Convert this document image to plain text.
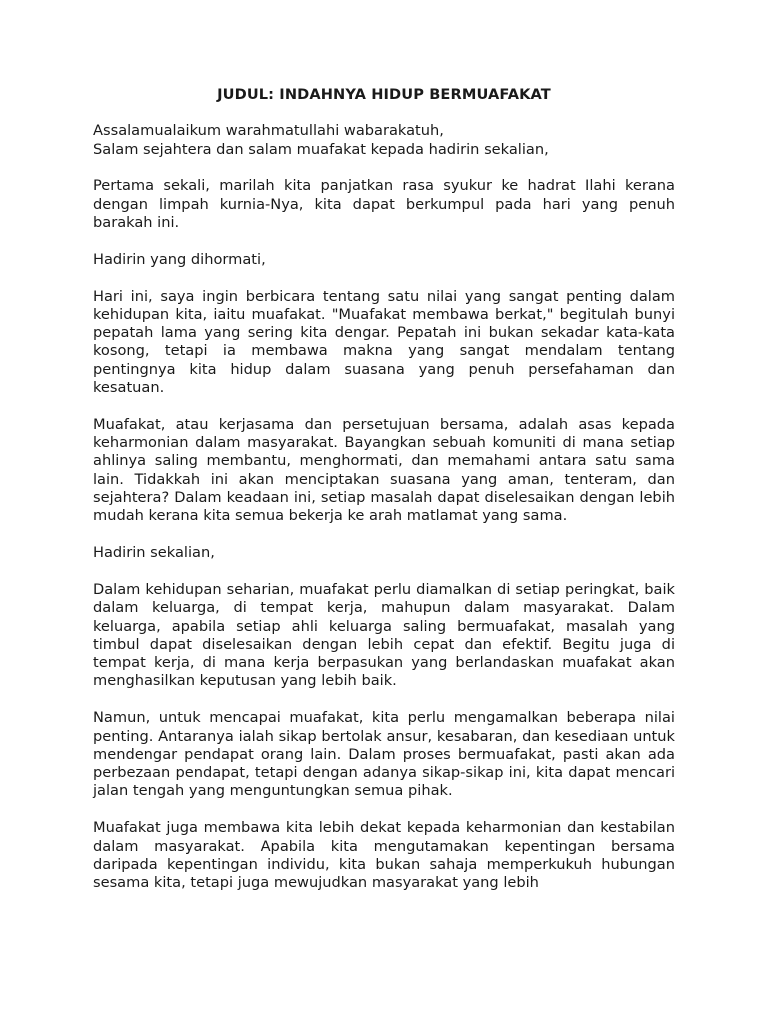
JUDUL: INDAHNYA HIDUP BERMUAFAKAT

Assalamualaikum warahmatullahi wabarakatuh,
Salam sejahtera dan salam muafakat kepada hadirin sekalian,

Pertama sekali, marilah kita panjatkan rasa syukur ke hadrat Ilahi kerana dengan limpah kurnia-Nya, kita dapat berkumpul pada hari yang penuh barakah ini.

Hadirin yang dihormati,

Hari ini, saya ingin berbicara tentang satu nilai yang sangat penting dalam kehidupan kita, iaitu muafakat. "Muafakat membawa berkat," begitulah bunyi pepatah lama yang sering kita dengar. Pepatah ini bukan sekadar kata-kata kosong, tetapi ia membawa makna yang sangat mendalam tentang pentingnya kita hidup dalam suasana yang penuh persefahaman dan kesatuan.

Muafakat, atau kerjasama dan persetujuan bersama, adalah asas kepada keharmonian dalam masyarakat. Bayangkan sebuah komuniti di mana setiap ahlinya saling membantu, menghormati, dan memahami antara satu sama lain. Tidakkah ini akan menciptakan suasana yang aman, tenteram, dan sejahtera? Dalam keadaan ini, setiap masalah dapat diselesaikan dengan lebih mudah kerana kita semua bekerja ke arah matlamat yang sama.

Hadirin sekalian,

Dalam kehidupan seharian, muafakat perlu diamalkan di setiap peringkat, baik dalam keluarga, di tempat kerja, mahupun dalam masyarakat. Dalam keluarga, apabila setiap ahli keluarga saling bermuafakat, masalah yang timbul dapat diselesaikan dengan lebih cepat dan efektif. Begitu juga di tempat kerja, di mana kerja berpasukan yang berlandaskan muafakat akan menghasilkan keputusan yang lebih baik.

Namun, untuk mencapai muafakat, kita perlu mengamalkan beberapa nilai penting. Antaranya ialah sikap bertolak ansur, kesabaran, dan kesediaan untuk mendengar pendapat orang lain. Dalam proses bermuafakat, pasti akan ada perbezaan pendapat, tetapi dengan adanya sikap-sikap ini, kita dapat mencari jalan tengah yang menguntungkan semua pihak.

Muafakat juga membawa kita lebih dekat kepada keharmonian dan kestabilan dalam masyarakat. Apabila kita mengutamakan kepentingan bersama daripada kepentingan individu, kita bukan sahaja memperkukuh hubungan sesama kita, tetapi juga mewujudkan masyarakat yang lebih
